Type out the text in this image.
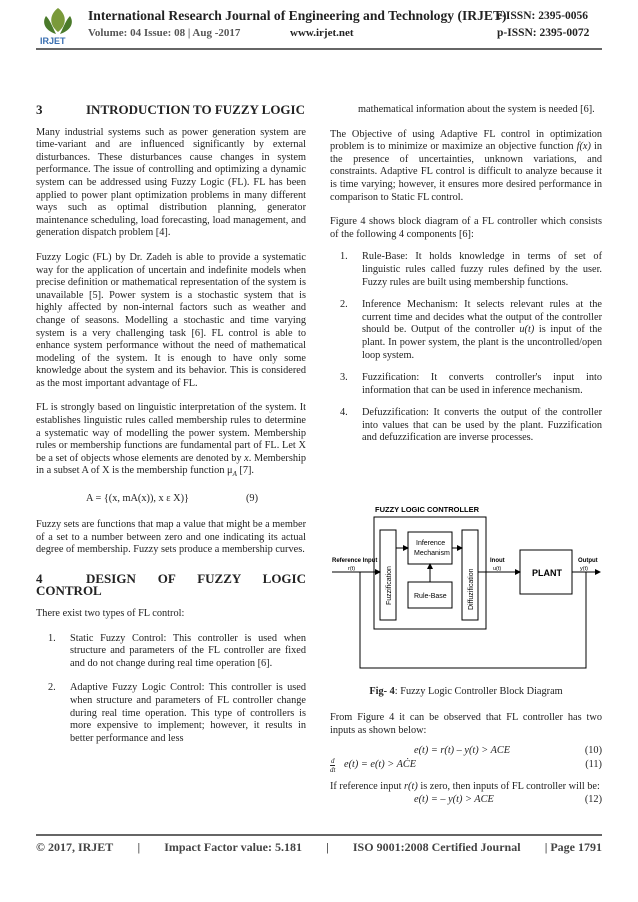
IRJET
International Research Journal of Engineering and Technology (IRJET)
e-ISSN: 2395-0056
Volume: 04 Issue: 08 | Aug -2017	www.irjet.net	p-ISSN: 2395-0072
3	INTRODUCTION TO FUZZY LOGIC

Many industrial systems such as power generation system are time-variant and are influenced significantly by external disturbances. These disturbances cause changes in system performance. The issue of controlling and optimizing a dynamic system can be addressed using Fuzzy Logic (FL). FL has been applied to power plant optimization problems in many different ways such as optimal distribution planning, generator maintenance scheduling, load forecasting, load management, and generation dispatch problem [4].

Fuzzy Logic (FL) by Dr. Zadeh is able to provide a systematic way for the application of uncertain and indefinite models when precise definition or mathematical representation of the system is unavailable [5]. Power system is a stochastic system that is highly affected by non-internal factors such as weather and change of seasons. Modelling a stochastic and time varying system is a very challenging task [6]. FL control is able to enhance system performance without the need of mathematical modeling of the system. It is enough to have only some knowledge about the system and its behavior. This is considered as the most important advantage of FL.

FL is strongly based on linguistic interpretation of the system. It establishes linguistic rules called membership rules to determine a systematic way of modelling the power system. Membership rules or membership functions are fundamental part of FL. Let X be a set of objects whose elements are denoted by x. Membership in a subset A of X is the membership function $\mu_A$ [7].

A = {(x, mA(x)), x ε X)}	(9)

Fuzzy sets are functions that map a value that might be a member of a set to a number between zero and one indicating its actual degree of membership. Fuzzy sets produce a membership curves.

4	DESIGN OF FUZZY LOGIC CONTROL

There exist two types of FL control:

1.	Static Fuzzy Control: This controller is used when structure and parameters of the FL controller are fixed and do not change during real time operation [6].
2.	Adaptive Fuzzy Logic Control: This controller is used when structure and parameters of FL controller change during real time operation. This type of controllers is more expensive to implement; however, it results in better performance and less

mathematical information about the system is needed [6].

The Objective of using Adaptive FL control in optimization problem is to minimize or maximize an objective function f(x) in the presence of uncertainties, unknown variations, and constraints. Adaptive FL control is difficult to analyze because it is time varying; however, it ensures more desired performance in comparison to Static FL control.

Figure 4 shows block diagram of a FL controller which consists of the following 4 components [6]:

1.	Rule-Base: It holds knowledge in terms of set of linguistic rules called fuzzy rules defined by the user. Fuzzy rules are built using membership functions.
2.	Inference Mechanism: It selects relevant rules at the current time and decides what the output of the controller should be. Output of the controller u(t) is input of the plant. In power system, the plant is the uncontrolled/open loop system.
3.	Fuzzification: It converts controller's input into information that can be used in inference mechanism.
4.	Defuzzification: It converts the output of the controller into values that can be used by the plant. Fuzzification and defuzzification are inverse processes.
FUZZY LOGIC CONTROLLER
Fuzzification
Inference
Mechanism
Rule-Base	Diffuzification	PLANT
Reference Input
r(t)
Inout
u(t)
Output
y(t)
Fig- 4: Fuzzy Logic Controller Block Diagram

From Figure 4 it can be observed that FL controller has two inputs as shown below:

e(t) = r(t) – y(t) > ACE	(10)
d
dt e(t) = e(t) > AĊE	(11)

If reference input r(t) is zero, then inputs of FL controller will be:

e(t) = – y(t) > ACE	(12)
© 2017, IRJET | Impact Factor value: 5.181 | ISO 9001:2008 Certified Journal | Page 1791
